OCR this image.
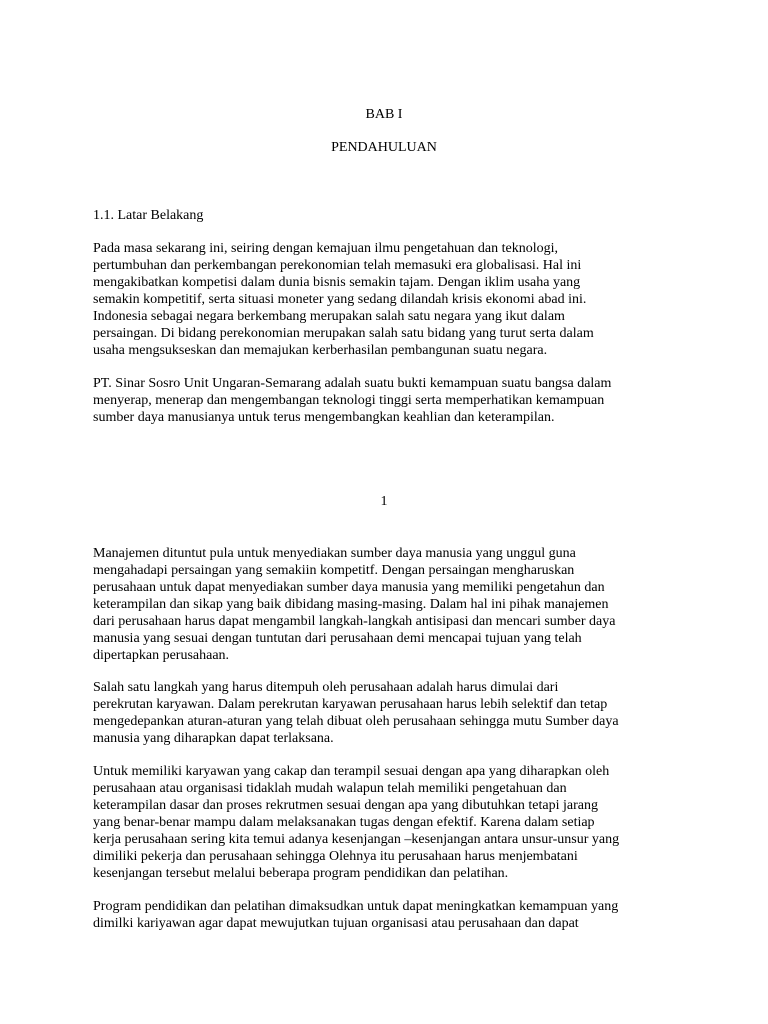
BAB I
PENDAHULUAN
1.1. Latar Belakang
Pada masa sekarang ini, seiring dengan kemajuan ilmu pengetahuan dan teknologi,
pertumbuhan dan perkembangan perekonomian telah memasuki era globalisasi. Hal ini
mengakibatkan kompetisi dalam dunia bisnis semakin tajam. Dengan iklim usaha yang
semakin kompetitif, serta situasi moneter yang sedang dilandah krisis ekonomi abad ini.
Indonesia sebagai negara berkembang merupakan salah satu negara yang ikut dalam
persaingan. Di bidang perekonomian merupakan salah satu bidang yang turut serta dalam
usaha mengsukseskan dan memajukan kerberhasilan pembangunan suatu negara.
PT. Sinar Sosro Unit Ungaran-Semarang adalah suatu bukti kemampuan suatu bangsa dalam
menyerap, menerap dan mengembangan teknologi tinggi serta memperhatikan kemampuan
sumber daya manusianya untuk terus mengembangkan keahlian dan keterampilan.
1
Manajemen dituntut pula untuk menyediakan sumber daya manusia yang unggul guna
mengahadapi persaingan yang semakiin kompetitf. Dengan persaingan mengharuskan
perusahaan untuk dapat menyediakan sumber daya manusia yang memiliki pengetahun dan
keterampilan dan sikap yang baik dibidang masing-masing. Dalam hal ini pihak manajemen
dari perusahaan harus dapat mengambil langkah-langkah antisipasi dan mencari sumber daya
manusia yang sesuai dengan tuntutan dari perusahaan demi mencapai tujuan yang telah
dipertapkan perusahaan.
Salah satu langkah yang harus ditempuh oleh perusahaan adalah harus dimulai dari
perekrutan karyawan. Dalam perekrutan karyawan perusahaan harus lebih selektif dan tetap
mengedepankan aturan-aturan yang telah dibuat oleh perusahaan sehingga mutu Sumber daya
manusia yang diharapkan dapat terlaksana.
Untuk memiliki karyawan yang cakap dan terampil sesuai dengan apa yang diharapkan oleh
perusahaan atau organisasi tidaklah mudah walapun telah memiliki pengetahuan dan
keterampilan dasar dan proses rekrutmen sesuai dengan apa yang dibutuhkan tetapi jarang
yang benar-benar mampu dalam melaksanakan tugas dengan efektif. Karena dalam setiap
kerja perusahaan sering kita temui adanya kesenjangan –kesenjangan antara unsur-unsur yang
dimiliki pekerja dan perusahaan sehingga Olehnya itu perusahaan harus menjembatani
kesenjangan tersebut melalui beberapa program pendidikan dan pelatihan.
Program pendidikan dan pelatihan dimaksudkan untuk dapat meningkatkan kemampuan yang
dimilki kariyawan agar dapat mewujutkan tujuan organisasi atau perusahaan dan dapat
